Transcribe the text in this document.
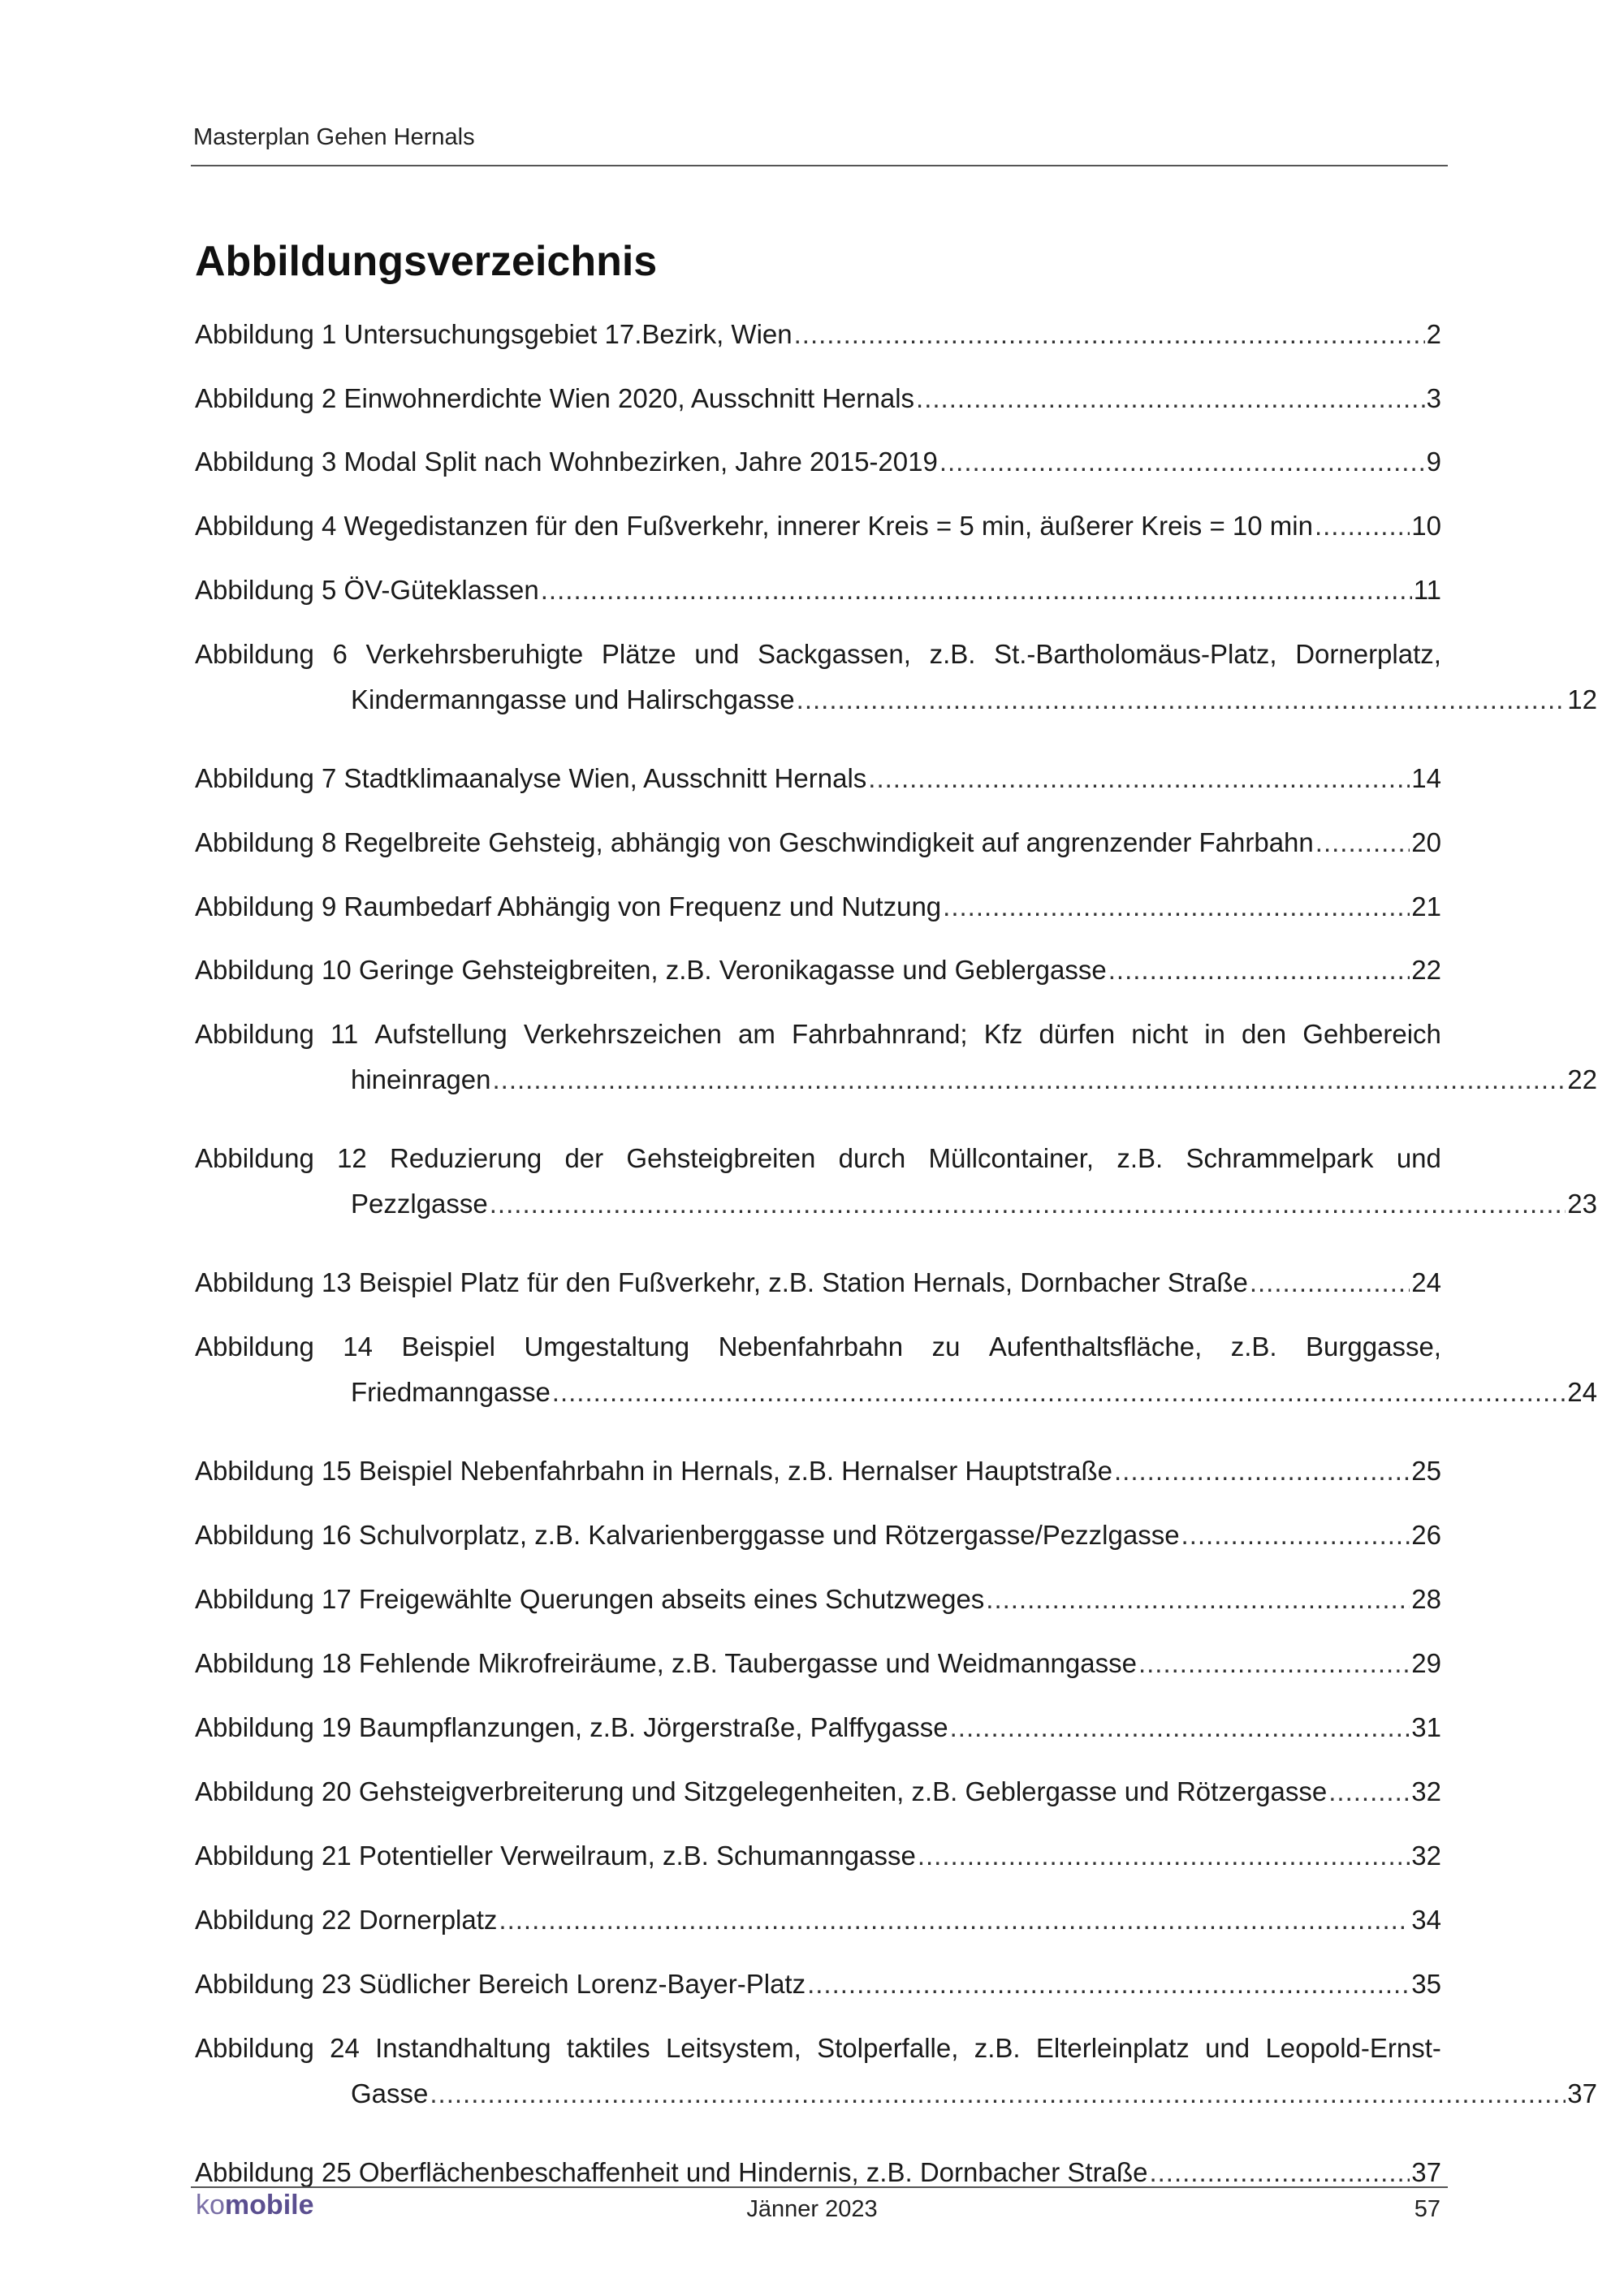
Masterplan Gehen Hernals
Abbildungsverzeichnis
Abbildung 1 Untersuchungsgebiet 17.Bezirk, Wien .....	2
Abbildung 2 Einwohnerdichte Wien 2020, Ausschnitt Hernals .....	3
Abbildung 3 Modal Split nach Wohnbezirken, Jahre 2015-2019 .....	9
Abbildung 4 Wegedistanzen für den Fußverkehr, innerer Kreis = 5 min, äußerer Kreis = 10 min .....	10
Abbildung 5 ÖV-Güteklassen .....	11
Abbildung 6 Verkehrsberuhigte Plätze und Sackgassen, z.B. St.-Bartholomäus-Platz, Dornerplatz,
Kindermanngasse und Halirschgasse .....	12
Abbildung 7 Stadtklimaanalyse Wien, Ausschnitt Hernals .....	14
Abbildung 8 Regelbreite Gehsteig, abhängig von Geschwindigkeit auf angrenzender Fahrbahn .....	20
Abbildung 9 Raumbedarf Abhängig von Frequenz und Nutzung .....	21
Abbildung 10 Geringe Gehsteigbreiten, z.B. Veronikagasse und Geblergasse .....	22
Abbildung 11 Aufstellung Verkehrszeichen am Fahrbahnrand; Kfz dürfen nicht in den Gehbereich
hineinragen .....	22
Abbildung 12 Reduzierung der Gehsteigbreiten durch Müllcontainer, z.B. Schrammelpark und
Pezzlgasse .....	23
Abbildung 13 Beispiel Platz für den Fußverkehr, z.B. Station Hernals, Dornbacher Straße .....	24
Abbildung 14 Beispiel Umgestaltung Nebenfahrbahn zu Aufenthaltsfläche, z.B. Burggasse,
Friedmanngasse .....	24
Abbildung 15 Beispiel Nebenfahrbahn in Hernals, z.B. Hernalser Hauptstraße .....	25
Abbildung 16 Schulvorplatz, z.B. Kalvarienberggasse und Rötzergasse/Pezzlgasse .....	26
Abbildung 17 Freigewählte Querungen abseits eines Schutzweges .....	28
Abbildung 18 Fehlende Mikrofreiräume, z.B. Taubergasse und Weidmanngasse .....	29
Abbildung 19 Baumpflanzungen, z.B. Jörgerstraße, Palffygasse .....	31
Abbildung 20 Gehsteigverbreiterung und Sitzgelegenheiten, z.B. Geblergasse und Rötzergasse .....	32
Abbildung 21 Potentieller Verweilraum, z.B. Schumanngasse .....	32
Abbildung 22 Dornerplatz .....	34
Abbildung 23 Südlicher Bereich Lorenz-Bayer-Platz .....	35
Abbildung 24 Instandhaltung taktiles Leitsystem, Stolperfalle, z.B. Elterleinplatz und Leopold-Ernst-
Gasse .....	37
Abbildung 25 Oberflächenbeschaffenheit und Hindernis, z.B. Dornbacher Straße .....	37
komobile	Jänner 2023	57
